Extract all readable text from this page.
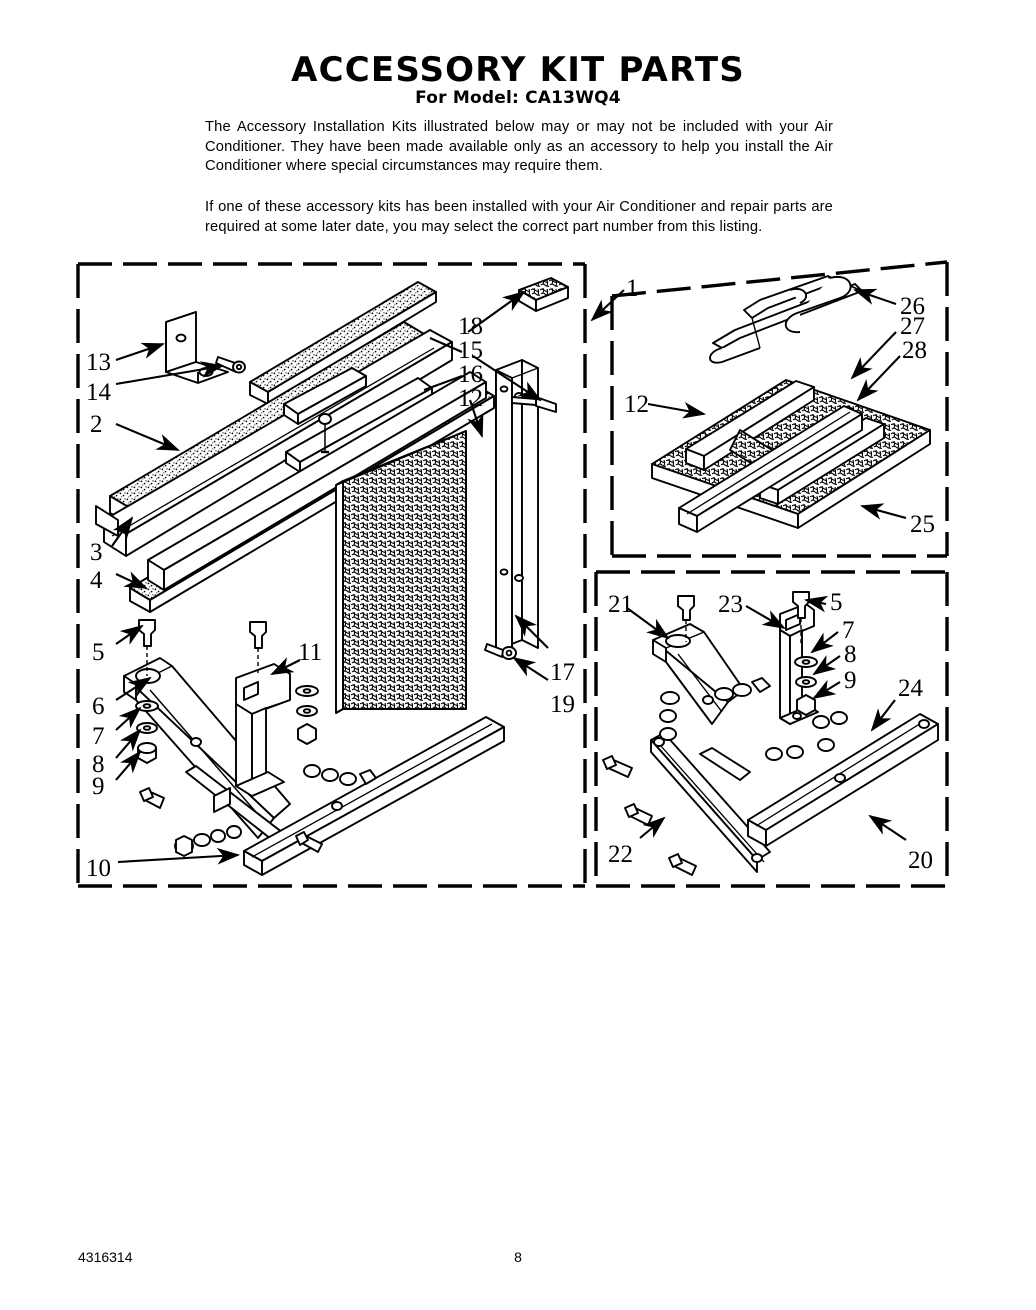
ACCESSORY KIT PARTS
For Model: CA13WQ4
The Accessory Installation Kits illustrated below may or may not be included with your Air Conditioner. They have been made available only as an accessory to help you install the Air Conditioner where special circumstances may require them.
If one of these accessory kits has been installed with your Air Conditioner and repair parts are required at some later date, you may select the correct part number from this listing.
13
14
2
3
4
5
6
7
8
9
10
11
18
15
16
12
17
19
1
26
27
28
12
25
21	23	5
7
8
9 24
22	20
4316314	8
